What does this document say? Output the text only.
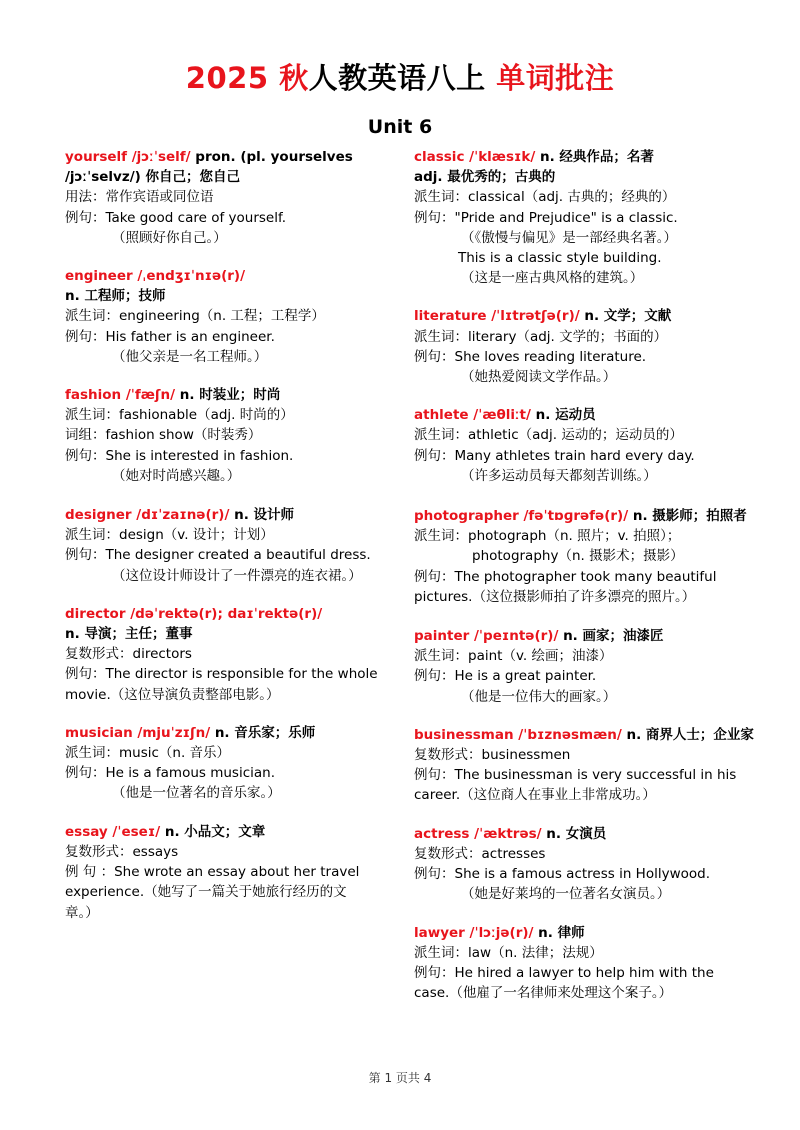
2025 秋人教英语八上 单词批注
Unit 6
yourself /jɔːˈself/ pron. (pl. yourselves
/jɔːˈselvz/) 你自己；您自己
用法：常作宾语或同位语
例句：Take good care of yourself.
（照顾好你自己。）
engineer /ˌendʒɪˈnɪə(r)/
n. 工程师；技师
派生词：engineering（n. 工程；工程学）
例句：His father is an engineer.
（他父亲是一名工程师。）
fashion /ˈfæʃn/ n. 时装业；时尚
派生词：fashionable（adj. 时尚的）
词组：fashion show（时装秀）
例句：She is interested in fashion.
（她对时尚感兴趣。）
designer /dɪˈzaɪnə(r)/ n. 设计师
派生词：design（v. 设计；计划）
例句：The designer created a beautiful dress.
（这位设计师设计了一件漂亮的连衣裙。）
director /dəˈrektə(r); daɪˈrektə(r)/
n. 导演；主任；董事
复数形式：directors
例句：The director is responsible for the whole
movie.（这位导演负责整部电影。）
musician /mjuˈzɪʃn/ n. 音乐家；乐师
派生词：music（n. 音乐）
例句：He is a famous musician.
（他是一位著名的音乐家。）
essay /ˈeseɪ/ n. 小品文；文章
复数形式：essays
例 句 ：She wrote an essay about her travel
experience.（她写了一篇关于她旅行经历的文
章。）
classic /ˈklæsɪk/ n. 经典作品；名著
adj. 最优秀的；古典的
派生词：classical（adj. 古典的；经典的）
例句："Pride and Prejudice" is a classic.
（《傲慢与偏见》是一部经典名著。）
This is a classic style building.
（这是一座古典风格的建筑。）
literature /ˈlɪtrətʃə(r)/ n. 文学；文献
派生词：literary（adj. 文学的；书面的）
例句：She loves reading literature.
（她热爱阅读文学作品。）
athlete /ˈæθliːt/ n. 运动员
派生词：athletic（adj. 运动的；运动员的）
例句：Many athletes train hard every day.
（许多运动员每天都刻苦训练。）
photographer /fəˈtɒɡrəfə(r)/ n. 摄影师；拍照者
派生词：photograph（n. 照片；v. 拍照）；
photography（n. 摄影术；摄影）
例句：The photographer took many beautiful
pictures.（这位摄影师拍了许多漂亮的照片。）
painter /ˈpeɪntə(r)/ n. 画家；油漆匠
派生词：paint（v. 绘画；油漆）
例句：He is a great painter.
（他是一位伟大的画家。）
businessman /ˈbɪznəsmæn/ n. 商界人士；企业家
复数形式：businessmen
例句：The businessman is very successful in his
career.（这位商人在事业上非常成功。）
actress /ˈæktrəs/ n. 女演员
复数形式：actresses
例句：She is a famous actress in Hollywood.
（她是好莱坞的一位著名女演员。）
lawyer /ˈlɔːjə(r)/ n. 律师
派生词：law（n. 法律；法规）
例句：He hired a lawyer to help him with the
case.（他雇了一名律师来处理这个案子。）
第 1 页共 4
